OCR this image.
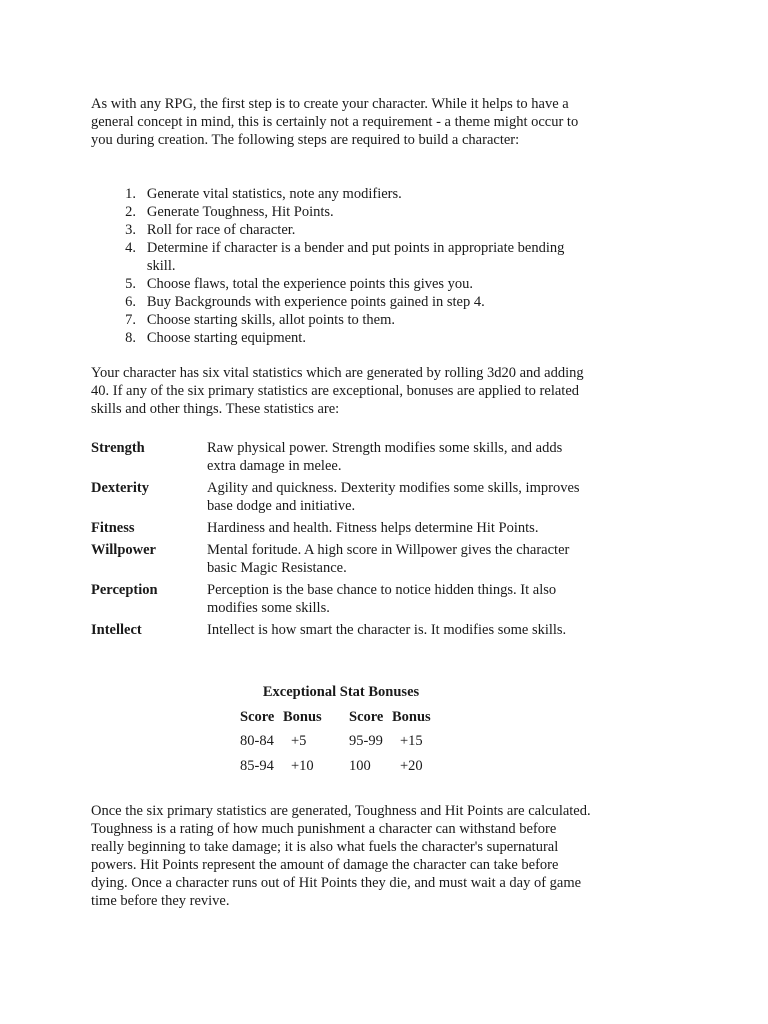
As with any RPG, the first step is to create your character. While it helps to have a general concept in mind, this is certainly not a requirement - a theme might occur to you during creation. The following steps are required to build a character:

1.
Generate vital statistics, note any modifiers.
2.
Generate Toughness, Hit Points.
3.
Roll for race of character.
4.
Determine if character is a bender and put points in appropriate bending skill.
5.
Choose flaws, total the experience points this gives you.
6.
Buy Backgrounds with experience points gained in step 4.
7.
Choose starting skills, allot points to them.
8.
Choose starting equipment.

Your character has six vital statistics which are generated by rolling 3d20 and adding 40. If any of the six primary statistics are exceptional, bonuses are applied to related skills and other things. These statistics are:

Strength	Raw physical power. Strength modifies some skills, and adds extra damage in melee.
Dexterity	Agility and quickness. Dexterity modifies some skills, improves base dodge and initiative.
Fitness	Hardiness and health. Fitness helps determine Hit Points.
Willpower	Mental foritude. A high score in Willpower gives the character basic Magic Resistance.
Perception	Perception is the base chance to notice hidden things. It also modifies some skills.
Intellect	Intellect is how smart the character is. It modifies some skills.
Exceptional Stat Bonuses
Score	Bonus	Score	Bonus
80-84	+5	95-99	+15
85-94	+10	100	+20

Once the six primary statistics are generated, Toughness and Hit Points are calculated. Toughness is a rating of how much punishment a character can withstand before really beginning to take damage; it is also what fuels the character's supernatural powers. Hit Points represent the amount of damage the character can take before dying. Once a character runs out of Hit Points they die, and must wait a day of game time before they revive.
